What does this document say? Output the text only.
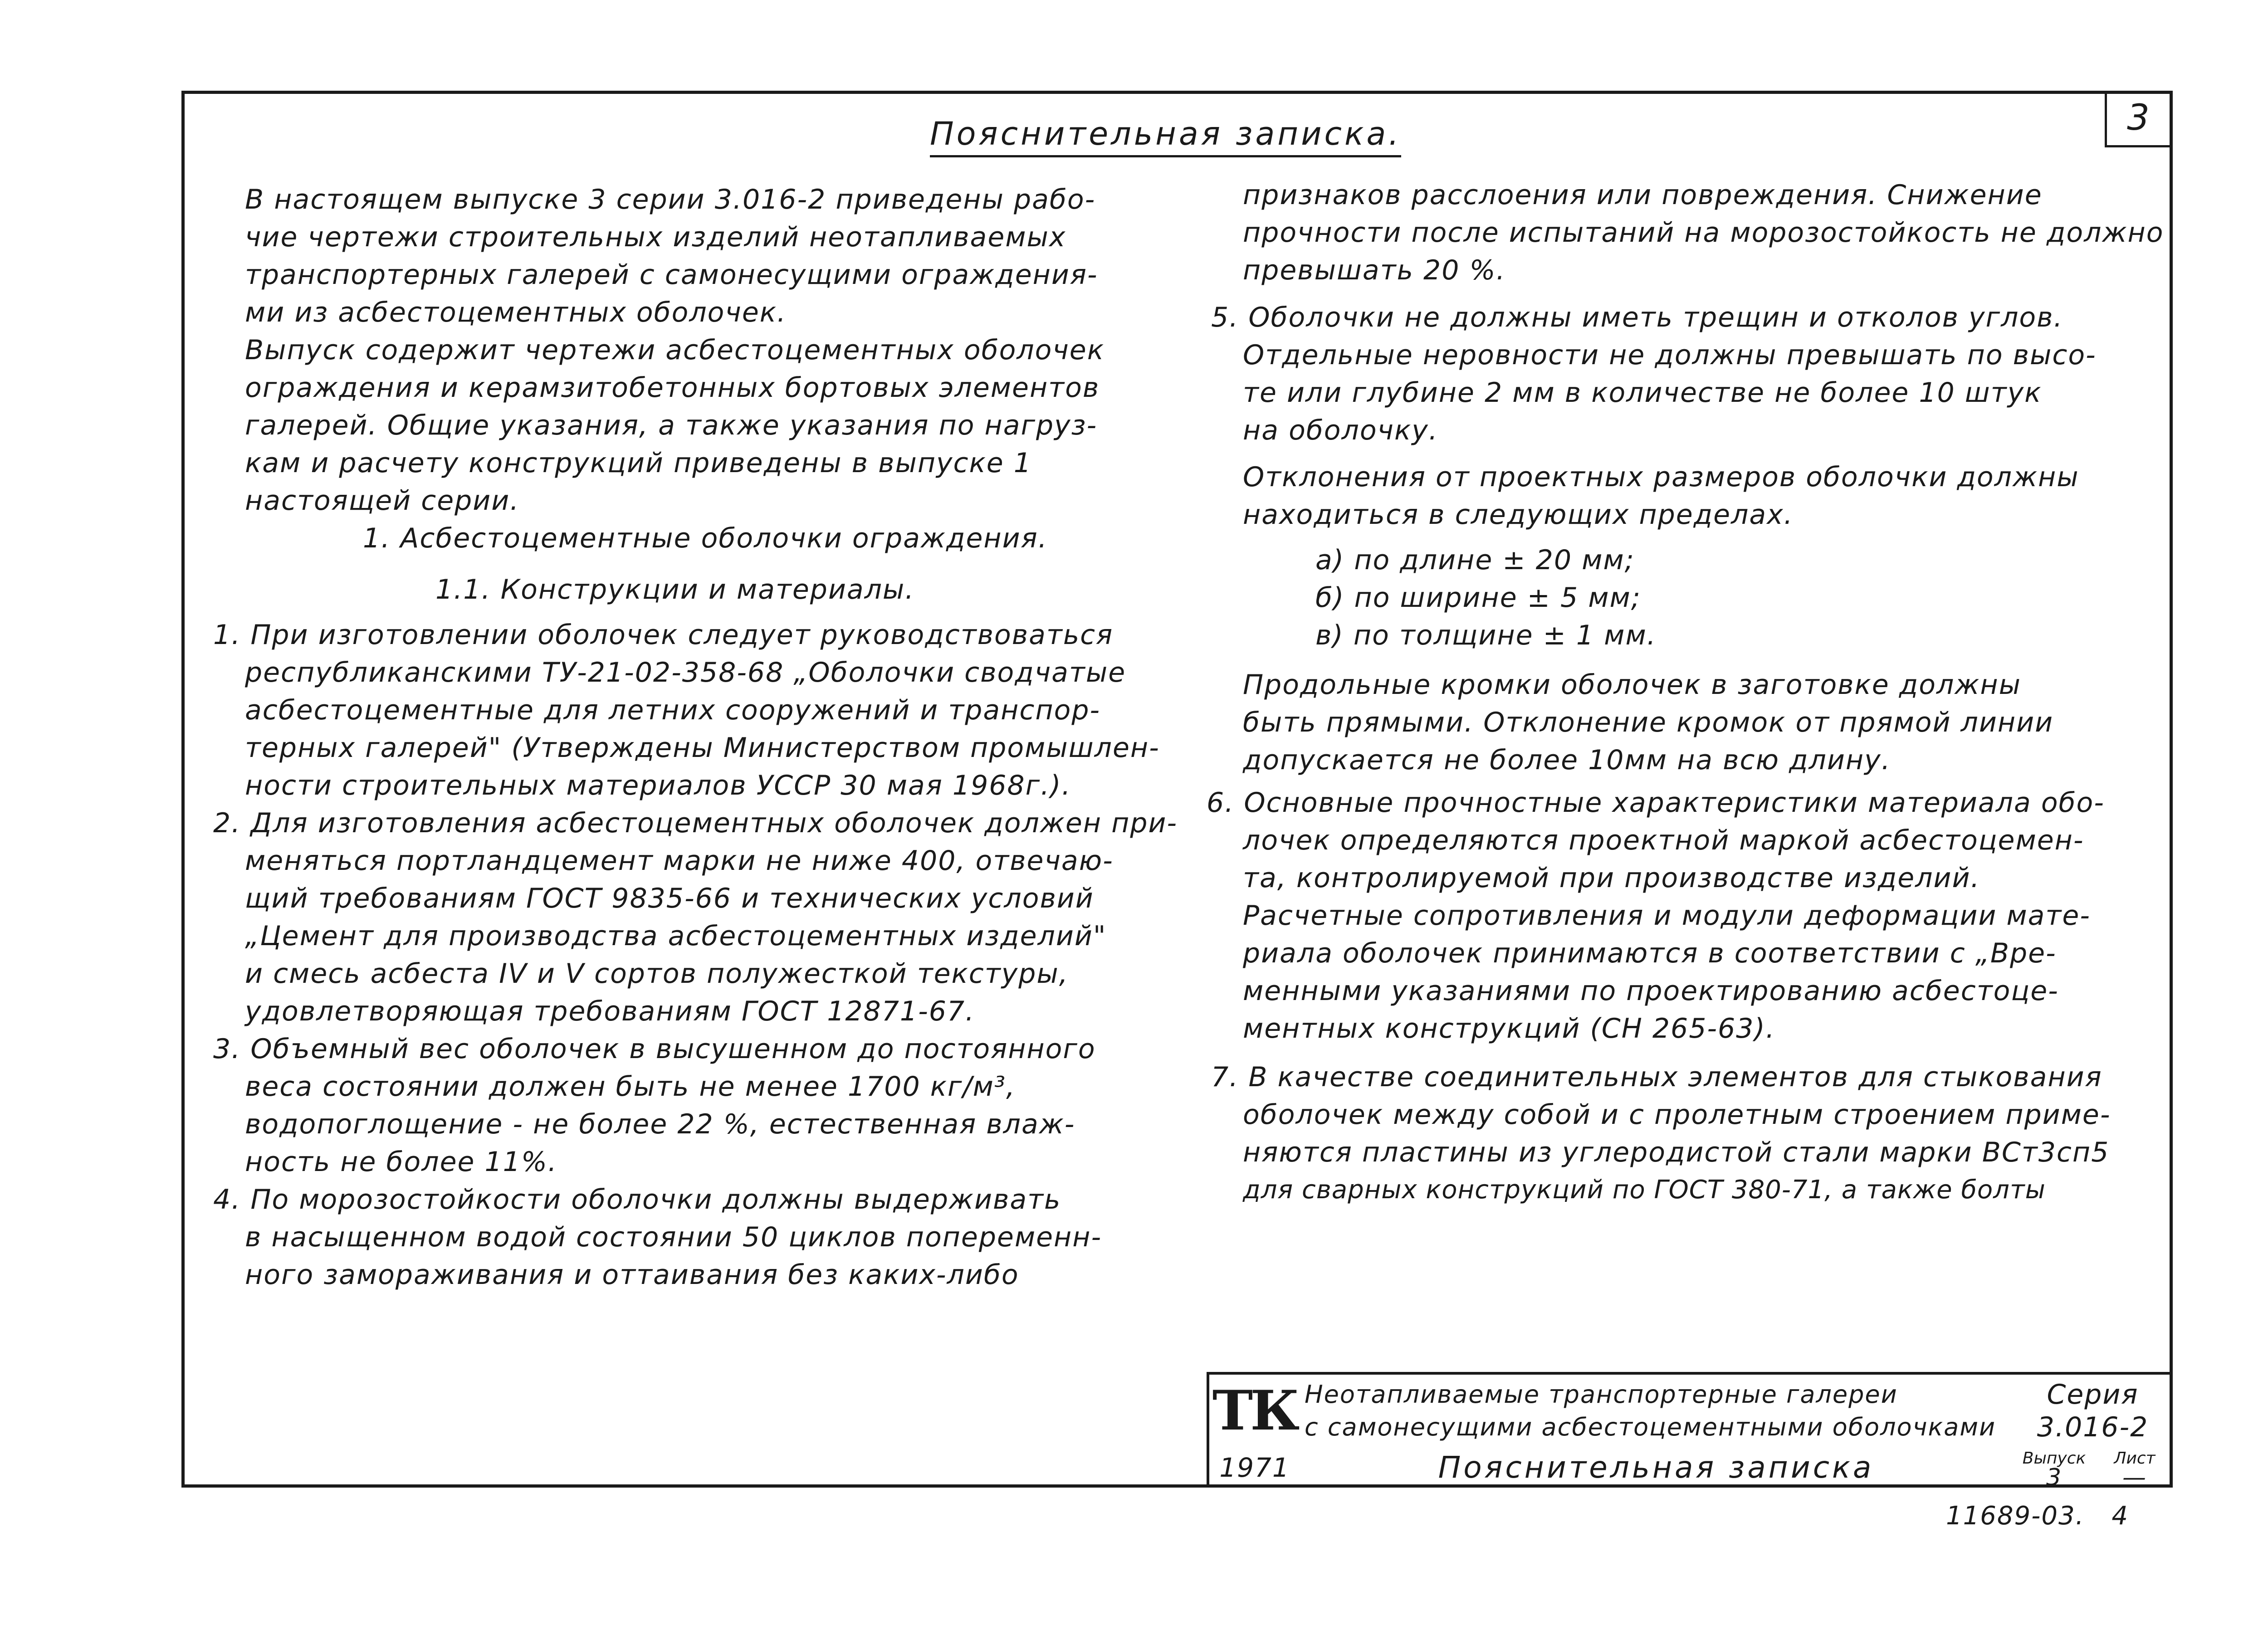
3
Пояснительная записка.
В настоящем выпуске 3 серии 3.016-2 приведены рабо-
чие чертежи строительных изделий неотапливаемых
транспортерных галерей с самонесущими ограждения-
ми из асбестоцементных оболочек.
Выпуск содержит чертежи асбестоцементных оболочек
ограждения и керамзитобетонных бортовых элементов
галерей. Общие указания, а также указания по нагруз-
кам и расчету конструкций приведены в выпуске 1
настоящей серии.
1. Асбестоцементные оболочки ограждения.
1.1. Конструкции и материалы.
1. При изготовлении оболочек следует руководствоваться
республиканскими ТУ-21-02-358-68 „Оболочки сводчатые
асбестоцементные для летних сооружений и транспор-
терных галерей" (Утверждены Министерством промышлен-
ности строительных материалов УССР 30 мая 1968г.).
2. Для изготовления асбестоцементных оболочек должен при-
меняться портландцемент марки не ниже 400, отвечаю-
щий требованиям ГОСТ 9835-66 и технических условий
„Цемент для производства асбестоцементных изделий"
и смесь асбеста IV и V сортов полужесткой текстуры,
удовлетворяющая требованиям ГОСТ 12871-67.
3. Объемный вес оболочек в высушенном до постоянного
веса состоянии должен быть не менее 1700 кг/м³,
водопоглощение - не более 22 %, естественная влаж-
ность не более 11%.
4. По морозостойкости оболочки должны выдерживать
в насыщенном водой состоянии 50 циклов попеременн-
ного замораживания и оттаивания без каких-либо
признаков расслоения или повреждения. Снижение
прочности после испытаний на морозостойкость не должно
превышать 20 %.
5. Оболочки не должны иметь трещин и отколов углов.
Отдельные неровности не должны превышать по высо-
те или глубине 2 мм в количестве не более 10 штук
на оболочку.
Отклонения от проектных размеров оболочки должны
находиться в следующих пределах.
а) по длине ± 20 мм;
б) по ширине ± 5 мм;
в) по толщине ± 1 мм.
Продольные кромки оболочек в заготовке должны
быть прямыми. Отклонение кромок от прямой линии
допускается не более 10мм на всю длину.
6. Основные прочностные характеристики материала обо-
лочек определяются проектной маркой асбестоцемен-
та, контролируемой при производстве изделий.
Расчетные сопротивления и модули деформации мате-
риала оболочек принимаются в соответствии с „Вре-
менными указаниями по проектированию асбестоце-
ментных конструкций (СН 265-63).
7. В качестве соединительных элементов для стыкования
оболочек между собой и с пролетным строением приме-
няются пластины из углеродистой стали марки ВСт3сп5
для сварных конструкций по ГОСТ 380-71, а также болты
ТК Неотапливаемые транспортерные галереи
с самонесущими асбестоцементными оболочками
Серия
3.016-2
1971	Пояснительная записка	Выпуск
3
Лист
—
11689-03. 4
